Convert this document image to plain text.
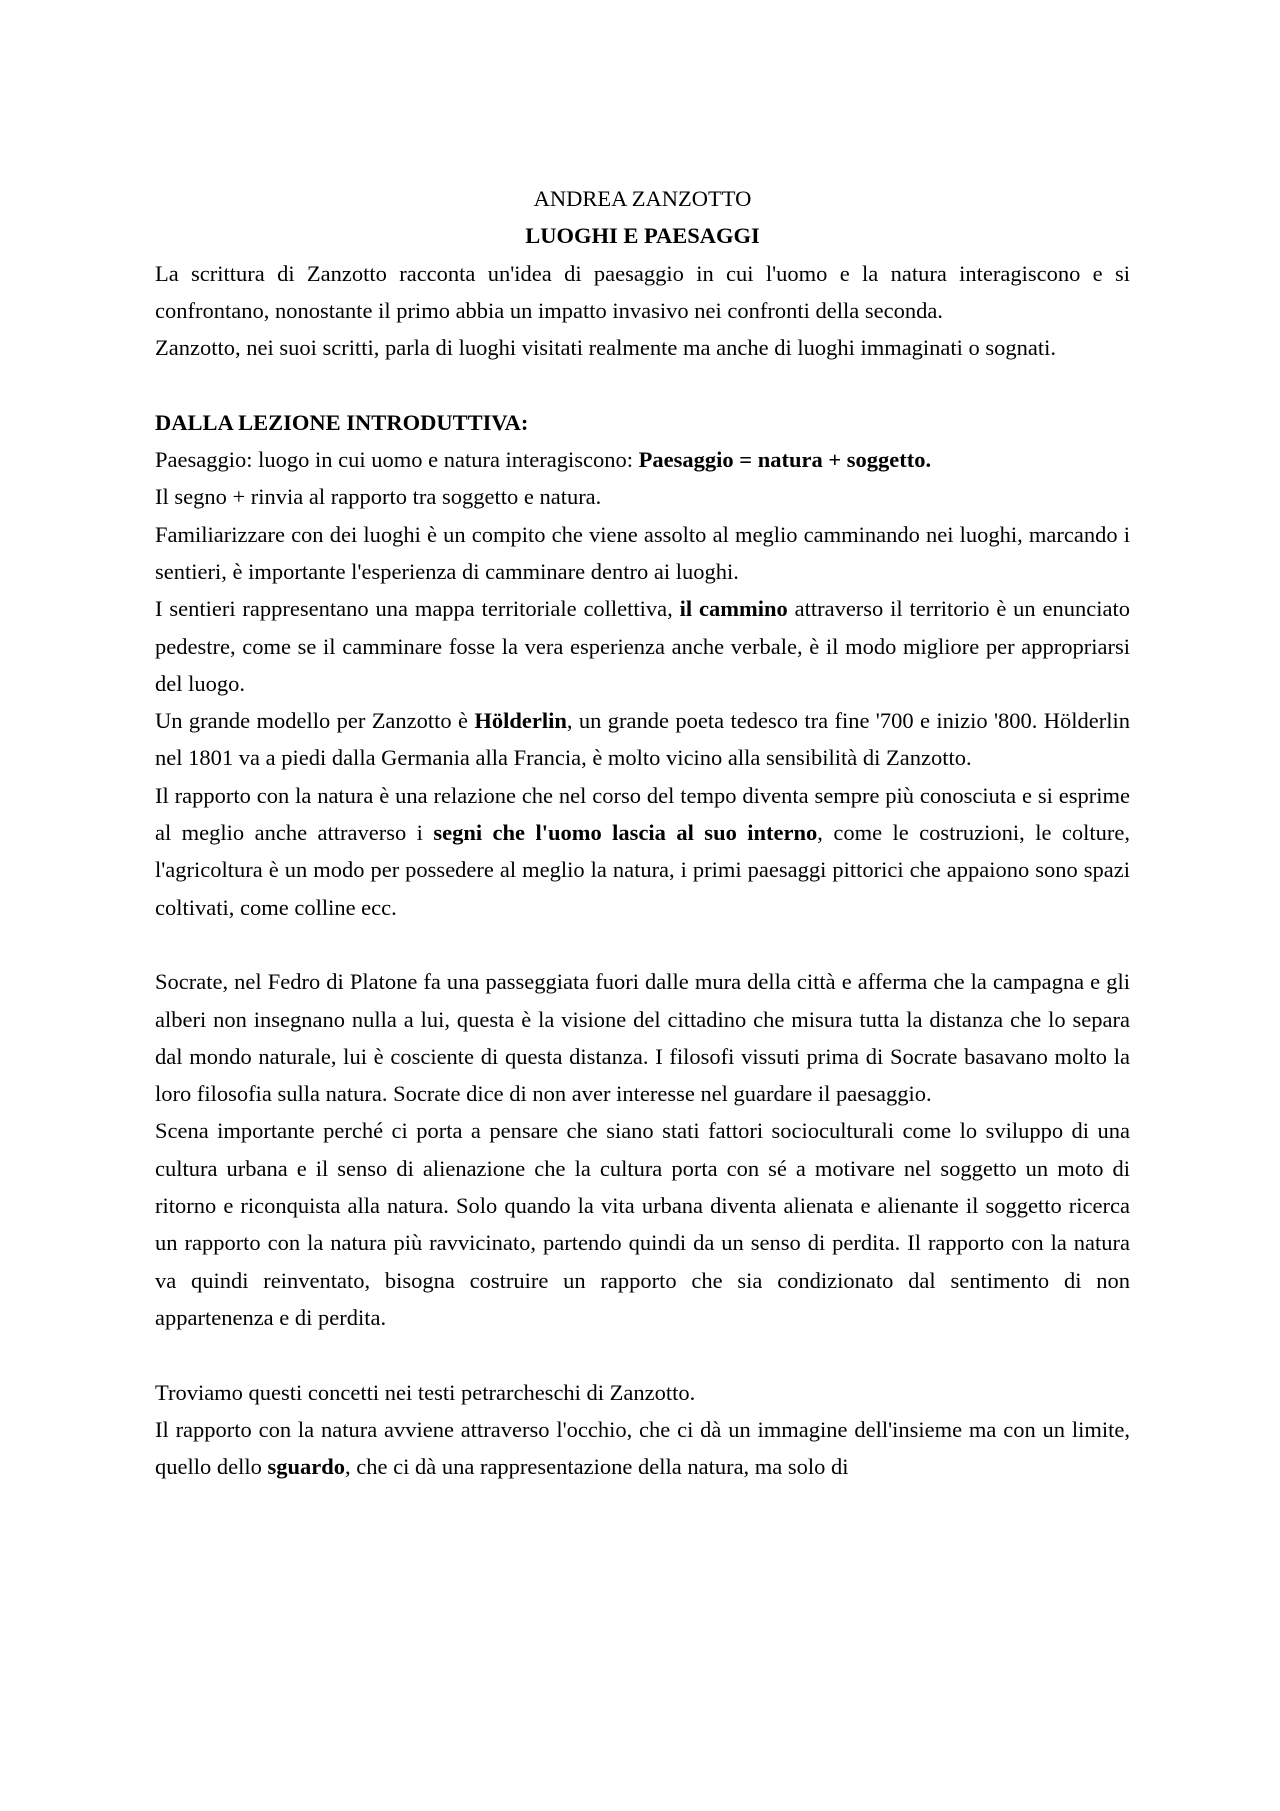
ANDREA ZANZOTTO

LUOGHI E PAESAGGI

La scrittura di Zanzotto racconta un'idea di paesaggio in cui l'uomo e la natura interagiscono e si confrontano, nonostante il primo abbia un impatto invasivo nei confronti della seconda.

Zanzotto, nei suoi scritti, parla di luoghi visitati realmente ma anche di luoghi immaginati o sognati.

DALLA LEZIONE INTRODUTTIVA:

Paesaggio: luogo in cui uomo e natura interagiscono: Paesaggio = natura + soggetto.

Il segno + rinvia al rapporto tra soggetto e natura.

Familiarizzare con dei luoghi è un compito che viene assolto al meglio camminando nei luoghi, marcando i sentieri, è importante l'esperienza di camminare dentro ai luoghi.

I sentieri rappresentano una mappa territoriale collettiva, il cammino attraverso il territorio è un enunciato pedestre, come se il camminare fosse la vera esperienza anche verbale, è il modo migliore per appropriarsi del luogo.

Un grande modello per Zanzotto è Hölderlin, un grande poeta tedesco tra fine '700 e inizio '800. Hölderlin nel 1801 va a piedi dalla Germania alla Francia, è molto vicino alla sensibilità di Zanzotto.

Il rapporto con la natura è una relazione che nel corso del tempo diventa sempre più conosciuta e si esprime al meglio anche attraverso i segni che l'uomo lascia al suo interno, come le costruzioni, le colture, l'agricoltura è un modo per possedere al meglio la natura, i primi paesaggi pittorici che appaiono sono spazi coltivati, come colline ecc.

Socrate, nel Fedro di Platone fa una passeggiata fuori dalle mura della città e afferma che la campagna e gli alberi non insegnano nulla a lui, questa è la visione del cittadino che misura tutta la distanza che lo separa dal mondo naturale, lui è cosciente di questa distanza. I filosofi vissuti prima di Socrate basavano molto la loro filosofia sulla natura. Socrate dice di non aver interesse nel guardare il paesaggio.

Scena importante perché ci porta a pensare che siano stati fattori socioculturali come lo sviluppo di una cultura urbana e il senso di alienazione che la cultura porta con sé a motivare nel soggetto un moto di ritorno e riconquista alla natura. Solo quando la vita urbana diventa alienata e alienante il soggetto ricerca un rapporto con la natura più ravvicinato, partendo quindi da un senso di perdita. Il rapporto con la natura va quindi reinventato, bisogna costruire un rapporto che sia condizionato dal sentimento di non appartenenza e di perdita.

Troviamo questi concetti nei testi petrarcheschi di Zanzotto.

Il rapporto con la natura avviene attraverso l'occhio, che ci dà un immagine dell'insieme ma con un limite, quello dello sguardo, che ci dà una rappresentazione della natura, ma solo di
